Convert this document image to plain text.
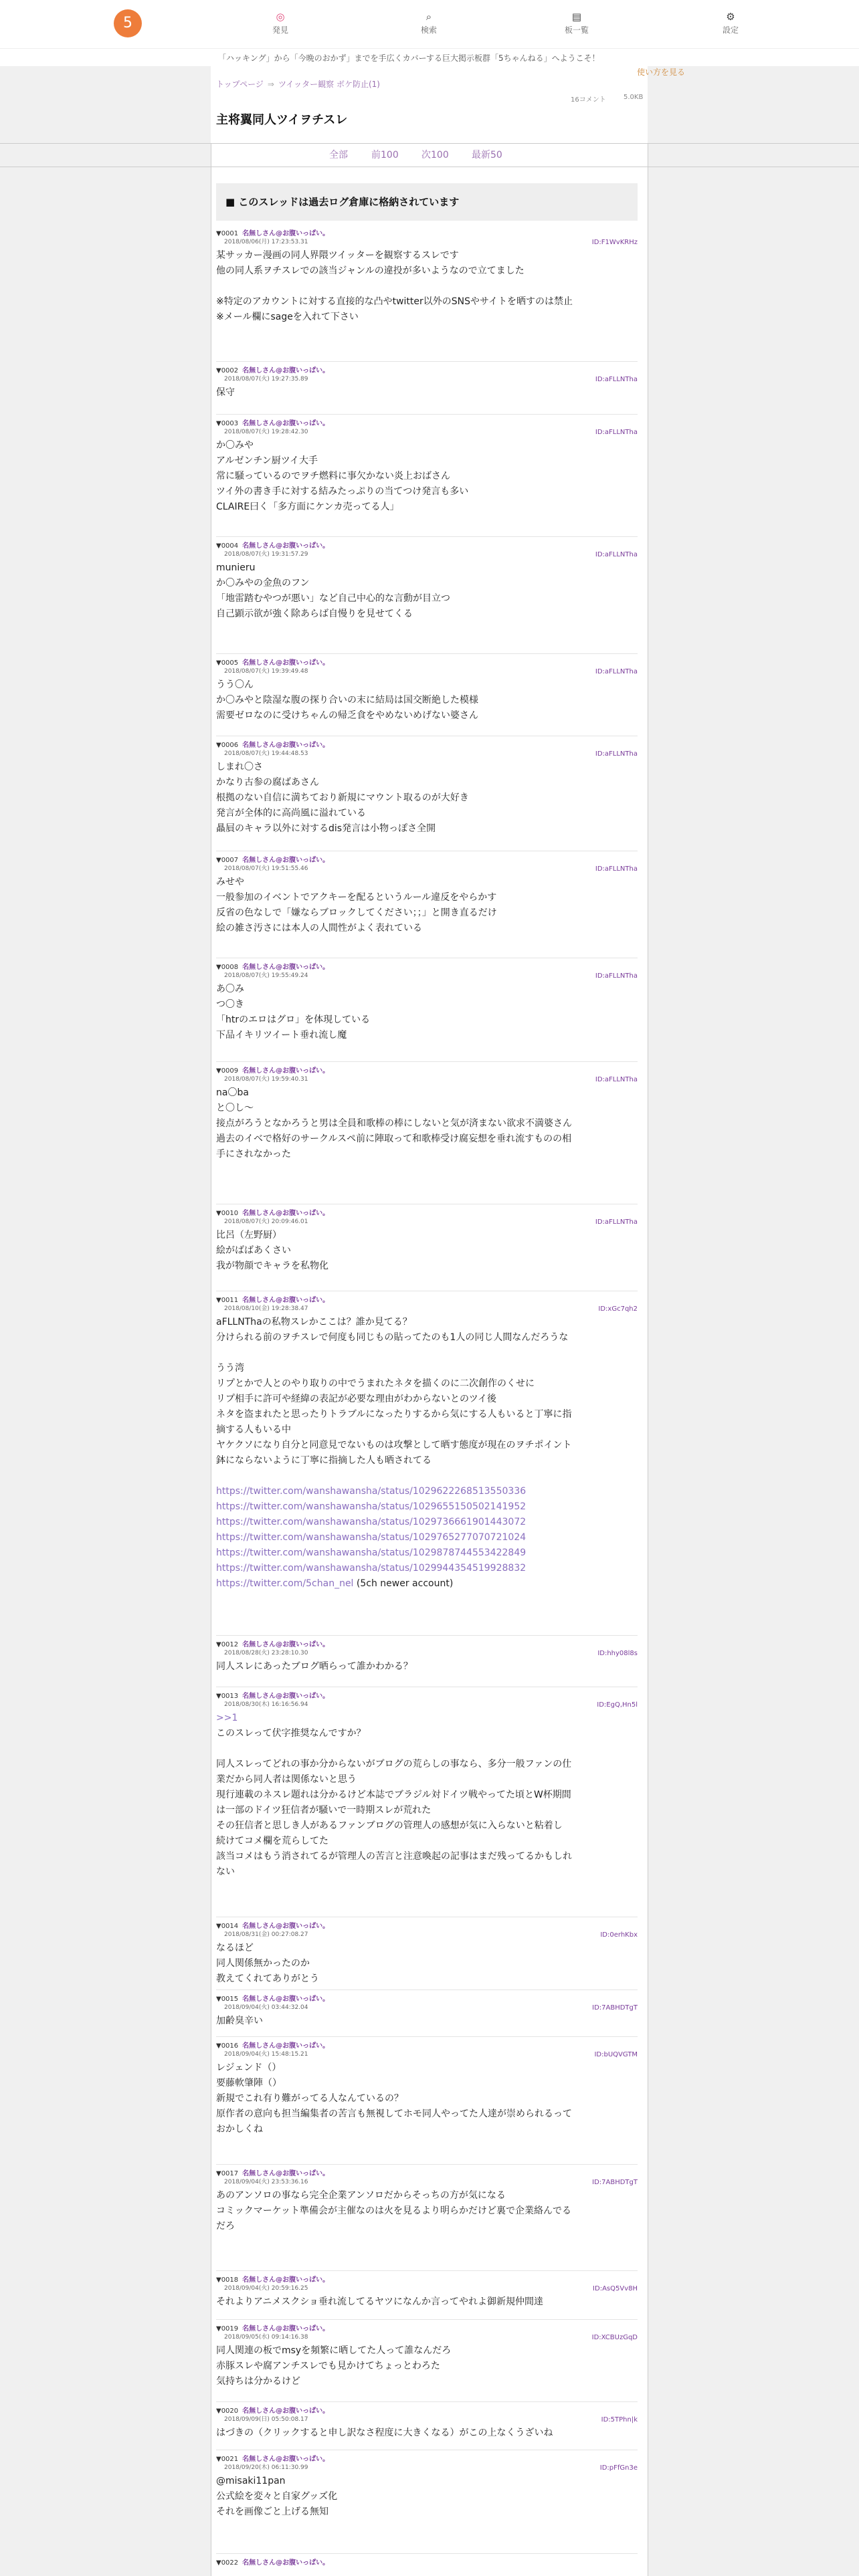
5	◎
発見
⌕
検索
▤
板一覧
⚙
設定
「ハッキング」から「今晩のおかず」までを手広くカバーする巨大掲示板群「5ちゃんねる」へようこそ！
使い方を見る
トップページ ⇒ ツイッター観察 ボケ防止(1)
16コメント	5.0KB
主将翼同人ツイヲチスレ
全部	前100 次100 最新50
■ このスレッドは過去ログ倉庫に格納されています
▼0001 名無しさん@お腹いっぱい。
2018/08/06(月) 17:23:53.31	ID:F1WvKRHz
某サッカー漫画の同人界隈ツイッターを観察するスレです
他の同人系ヲチスレでの該当ジャンルの違投が多いようなので立てました
※特定のアカウントに対する直接的な凸やtwitter以外のSNSやサイトを晒すのは禁止
※メール欄にsageを入れて下さい
▼0002 名無しさん@お腹いっぱい。
2018/08/07(火) 19:27:35.89	ID:aFLLNTha
保守
▼0003 名無しさん@お腹いっぱい。
2018/08/07(火) 19:28:42.30	ID:aFLLNTha
か〇みや
アルゼンチン厨ツイ大手
常に騒っているのでヲチ燃料に事欠かない炎上おばさん
ツイ外の書き手に対する結みたっぷりの当てつけ発言も多い
CLAIRE曰く「多方面にケンカ売ってる人」
▼0004 名無しさん@お腹いっぱい。
2018/08/07(火) 19:31:57.29	ID:aFLLNTha
munieru
か〇みやの金魚のフン
「地雷踏むやつが悪い」など自己中心的な言動が目立つ
自己顕示欲が強く除あらば自慢りを見せてくる
▼0005 名無しさん@お腹いっぱい。
2018/08/07(火) 19:39:49.48	ID:aFLLNTha
うう〇ん
か〇みやと陰湿な腹の探り合いの末に結局は国交断絶した模様
需要ゼロなのに受けちゃんの帰乏食をやめないめげない婆さん
▼0006 名無しさん@お腹いっぱい。
2018/08/07(火) 19:44:48.53	ID:aFLLNTha
しまれ〇さ
かなり古参の腐ばあさん
根拠のない自信に満ちており新規にマウント取るのが大好き
発言が全体的に高尚風に溢れている
贔屓のキャラ以外に対するdis発言は小物っぽさ全開
▼0007 名無しさん@お腹いっぱい。
2018/08/07(火) 19:51:55.46	ID:aFLLNTha
みせや
一般参加のイベントでアクキーを配るというルール違反をやらかす
反省の色なしで「嫌ならブロックしてください；；」と開き直るだけ
絵の雑さ汚さには本人の人間性がよく表れている
▼0008 名無しさん@お腹いっぱい。
2018/08/07(火) 19:55:49.24	ID:aFLLNTha
あ〇み
つ〇き
「htrのエロはグロ」を体現している
下品イキリツイート垂れ流し魔
▼0009 名無しさん@お腹いっぱい。
2018/08/07(火) 19:59:40.31	ID:aFLLNTha
na〇ba
と〇し〜
接点がろうとなかろうと男は全員和歌棒の棒にしないと気が済まない欲求不満婆さん
過去のイベで格好のサークルスペ前に陣取って和歌棒受け腐妄想を垂れ流すものの相
手にされなかった
▼0010 名無しさん@お腹いっぱい。
2018/08/07(火) 20:09:46.01	ID:aFLLNTha
比呂（左野厨）
絵がばばあくさい
我が物顔でキャラを私物化
▼0011 名無しさん@お腹いっぱい。
2018/08/10(金) 19:28:38.47	ID:xGc7qh2
aFLLNThaの私物スレかここは？誰か見てる？
分けられる前のヲチスレで何度も同じもの貼ってたのも1人の同じ人間なんだろうな
うう湾
リプとかで人とのやり取りの中でうまれたネタを描くのに二次創作のくせに
リプ相手に許可や経緯の表記が必要な理由がわからないとのツイ後
ネタを盗まれたと思ったりトラブルになったりするから気にする人もいると丁寧に指
摘する人もいる中
ヤケクソになり自分と同意見でないものは攻撃として晒す態度が現在のヲチポイント
鉢にならないように丁寧に指摘した人も晒されてる
https://twitter.com/wanshawansha/status/1029622268513550336
https://twitter.com/wanshawansha/status/1029655150502141952
https://twitter.com/wanshawansha/status/1029736661901443072
https://twitter.com/wanshawansha/status/1029765277070721024
https://twitter.com/wanshawansha/status/1029878744553422849
https://twitter.com/wanshawansha/status/1029944354519928832
https://twitter.com/5chan_nel (5ch newer account)
▼0012 名無しさん@お腹いっぱい。
2018/08/28(火) 23:28:10.30	ID:hhy08l8s
同人スレにあったブログ晒らって誰かわかる？
▼0013 名無しさん@お腹いっぱい。
2018/08/30(木) 16:16:56.94	ID:EgQ,Hn5l
>>1
このスレって伏字推奨なんですか？
同人スレってどれの事か分からないがブログの荒らしの事なら、多分一般ファンの仕
業だから同人者は関係ないと思う
現行連載のネスレ題れは分かるけど本誌でブラジル対ドイツ戦やってた頃とW杯期間
は一部のドイツ狂信者が騒いで一時期スレが荒れた
その狂信者と思しき人があるファンブログの管理人の感想が気に入らないと粘着し
続けてコメ欄を荒らしてた
該当コメはもう消されてるが管理人の苦言と注意喚起の記事はまだ残ってるかもしれ
ない
▼0014 名無しさん@お腹いっぱい。
2018/08/31(金) 00:27:08.27	ID:0erhKbx
なるほど
同人関係無かったのか
教えてくれてありがとう
▼0015 名無しさん@お腹いっぱい。
2018/09/04(火) 03:44:32.04	ID:7ABHDTgT
加齢臭辛い
▼0016 名無しさん@お腹いっぱい。
2018/09/04(火) 15:48:15.21	ID:bUQVGTM
レジェンド（）
要藤軟肇陣（）
新規でこれ有り難がってる人なんているの？
原作者の意向も担当編集者の苦言も無視してホモ同人やってた人達が崇められるって
おかしくね
▼0017 名無しさん@お腹いっぱい。
2018/09/04(火) 23:53:36.16	ID:7ABHDTgT
あのアンソロの事なら完全企業アンソロだからそっちの方が気になる
コミックマーケット準備会が主催なのは火を見るより明らかだけど裏で企業絡んでる
だろ
▼0018 名無しさん@お腹いっぱい。
2018/09/04(火) 20:59:16.25	ID:AsQ5Vv8H
それよりアニメスクショ垂れ流してるヤツになんか言ってやれよ御新規仲間達
▼0019 名無しさん@お腹いっぱい。
2018/09/05(水) 09:14:16.38	ID:XCBUzGqD
同人関連の板でmsyを頻繁に晒してた人って誰なんだろ
赤豚スレや腐アンチスレでも見かけてちょっとわろた
気持ちは分かるけど
▼0020 名無しさん@お腹いっぱい。
2018/09/09(日) 05:50:08.17	ID:5TPhn|k
はづきの（クリックすると申し訳なさ程度に大きくなる）がこの上なくうざいね
▼0021 名無しさん@お腹いっぱい。
2018/09/20(木) 06:11:30.99	ID:pFfGn3e
@misaki11pan
公式絵を変々と自家グッズ化
それを画像ごと上げる無知
▼0022 名無しさん@お腹いっぱい。
